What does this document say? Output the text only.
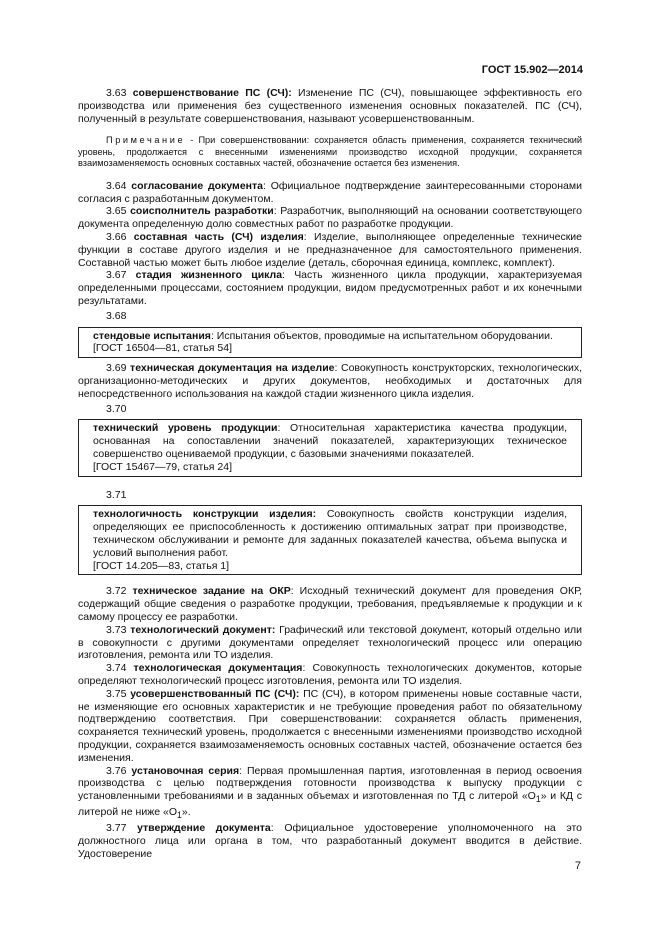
ГОСТ 15.902—2014

3.63 совершенствование ПС (СЧ): Изменение ПС (СЧ), повышающее эффективность его производства или применения без существенного изменения основных показателей. ПС (СЧ), полученный в результате совершенствования, называют усовершенствованным.

Примечание - При совершенствовании: сохраняется область применения, сохраняется технический уровень, продолжается с внесенными изменениями производство исходной продукции, сохраняется взаимозаменяемость основных составных частей, обозначение остается без изменения.

3.64 согласование документа: Официальное подтверждение заинтересованными сторонами согласия с разработанным документом.

3.65 соисполнитель разработки: Разработчик, выполняющий на основании соответствующего документа определенную долю совместных работ по разработке продукции.

3.66 составная часть (СЧ) изделия: Изделие, выполняющее определенные технические функции в составе другого изделия и не предназначенное для самостоятельного применения. Составной частью может быть любое изделие (деталь, сборочная единица, комплекс, комплект).

3.67 стадия жизненного цикла: Часть жизненного цикла продукции, характеризуемая определенными процессами, состоянием продукции, видом предусмотренных работ и их конечными результатами.

3.68

стендовые испытания: Испытания объектов, проводимые на испытательном оборудовании.

[ГОСТ 16504—81, статья 54]

3.69 техническая документация на изделие: Совокупность конструкторских, технологических, организационно-методических и других документов, необходимых и достаточных для непосредственного использования на каждой стадии жизненного цикла изделия.

3.70

технический уровень продукции: Относительная характеристика качества продукции, основанная на сопоставлении значений показателей, характеризующих техническое совершенство оцениваемой продукции, с базовыми значениями показателей.

[ГОСТ 15467—79, статья 24]
3.71

технологичность конструкции изделия: Совокупность свойств конструкции изделия, определяющих ее приспособленность к достижению оптимальных затрат при производстве, техническом обслуживании и ремонте для заданных показателей качества, объема выпуска и условий выполнения работ.

[ГОСТ 14.205—83, статья 1]

3.72 техническое задание на ОКР: Исходный технический документ для проведения ОКР, содержащий общие сведения о разработке продукции, требования, предъявляемые к продукции и к самому процессу ее разработки.

3.73 технологический документ: Графический или текстовой документ, который отдельно или в совокупности с другими документами определяет технологический процесс или операцию изготовления, ремонта или ТО изделия.

3.74 технологическая документация: Совокупность технологических документов, которые определяют технологический процесс изготовления, ремонта или ТО изделия.

3.75 усовершенствованный ПС (СЧ): ПС (СЧ), в котором применены новые составные части, не изменяющие его основных характеристик и не требующие проведения работ по обязательному подтверждению соответствия. При совершенствовании: сохраняется область применения, сохраняется технический уровень, продолжается с внесенными изменениями производство исходной продукции, сохраняется взаимозаменяемость основных составных частей, обозначение остается без изменения.

3.76 установочная серия: Первая промышленная партия, изготовленная в период освоения производства с целью подтверждения готовности производства к выпуску продукции с установленными требованиями и в заданных объемах и изготовленная по ТД с литерой «$О_1$» и КД с литерой не ниже «$О_1$».

3.77 утверждение документа: Официальное удостоверение уполномоченного на это должностного лица или органа в том, что разработанный документ вводится в действие. Удостоверение

7
